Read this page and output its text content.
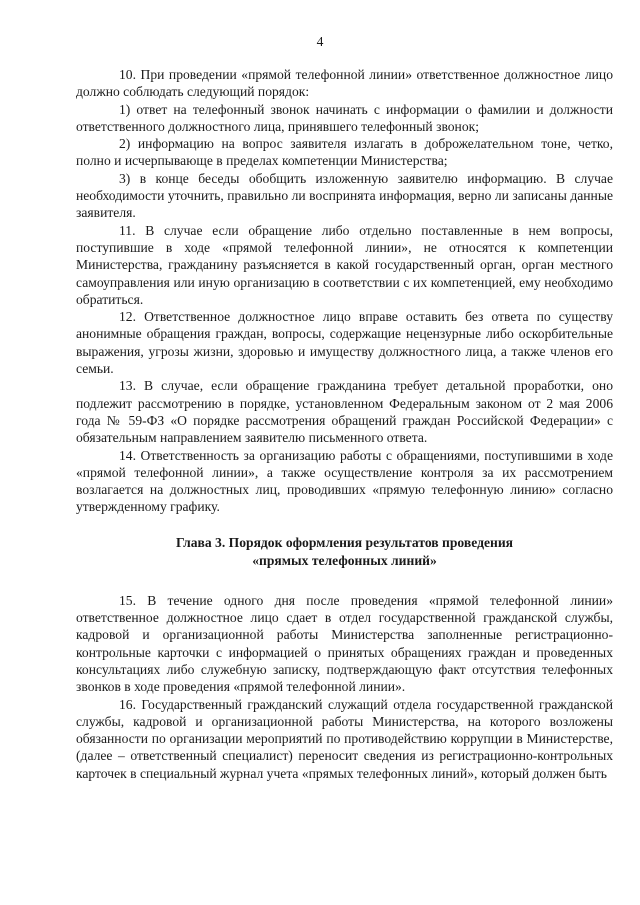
4

10. При проведении «прямой телефонной линии» ответственное должностное лицо должно соблюдать следующий порядок:

1) ответ на телефонный звонок начинать с информации о фамилии и должности ответственного должностного лица, принявшего телефонный звонок;

2) информацию на вопрос заявителя излагать в доброжелательном тоне, четко, полно и исчерпывающе в пределах компетенции Министерства;

3) в конце беседы обобщить изложенную заявителю информацию. В случае необходимости уточнить, правильно ли воспринята информация, верно ли записаны данные заявителя.

11. В случае если обращение либо отдельно поставленные в нем вопросы, поступившие в ходе «прямой телефонной линии», не относятся к компетенции Министерства, гражданину разъясняется в какой государственный орган, орган местного самоуправления или иную организацию в соответствии с их компетенцией, ему необходимо обратиться.

12. Ответственное должностное лицо вправе оставить без ответа по существу анонимные обращения граждан, вопросы, содержащие нецензурные либо оскорбительные выражения, угрозы жизни, здоровью и имуществу должностного лица, а также членов его семьи.

13. В случае, если обращение гражданина требует детальной проработки, оно подлежит рассмотрению в порядке, установленном Федеральным законом от 2 мая 2006 года № 59-ФЗ «О порядке рассмотрения обращений граждан Российской Федерации» с обязательным направлением заявителю письменного ответа.

14. Ответственность за организацию работы с обращениями, поступившими в ходе «прямой телефонной линии», а также осуществление контроля за их рассмотрением возлагается на должностных лиц, проводивших «прямую телефонную линию» согласно утвержденному графику.

Глава 3. Порядок оформления результатов проведения
«прямых телефонных линий»

15. В течение одного дня после проведения «прямой телефонной линии» ответственное должностное лицо сдает в отдел государственной гражданской службы, кадровой и организационной работы Министерства заполненные регистрационно-контрольные карточки с информацией о принятых обращениях граждан и проведенных консультациях либо служебную записку, подтверждающую факт отсутствия телефонных звонков в ходе проведения «прямой телефонной линии».

16. Государственный гражданский служащий отдела государственной гражданской службы, кадровой и организационной работы Министерства, на которого возложены обязанности по организации мероприятий по противодействию коррупции в Министерстве, (далее – ответственный специалист) переносит сведения из регистрационно-контрольных карточек в специальный журнал учета «прямых телефонных линий», который должен быть
